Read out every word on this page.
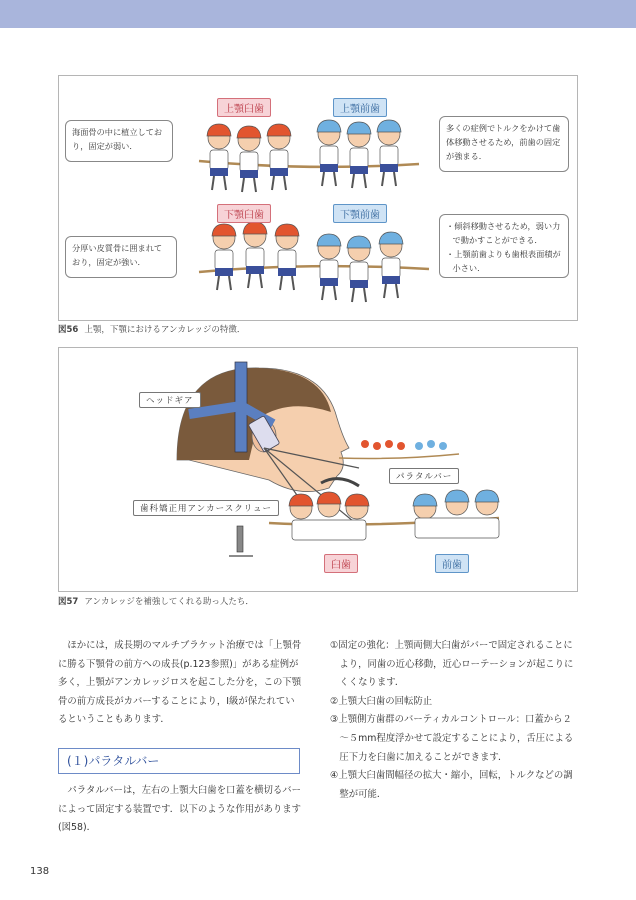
上顎臼歯	上顎前歯
下顎臼歯	下顎前歯
海面骨の中に植立しており，固定が弱い．
多くの症例でトルクをかけて歯体移動させるため，前歯の固定が強まる．
分厚い皮質骨に囲まれており，固定が強い．
・傾斜移動させるため，弱い力で動かすことができる．
・上顎前歯よりも歯根表面積が小さい．
図56 上顎，下顎におけるアンカレッジの特徴．
ヘッドギア
パラタルバー
歯科矯正用アンカースクリュー
臼歯	前歯
図57 アンカレッジを補強してくれる助っ人たち．

ほかには，成長期のマルチブラケット治療では「上顎骨に勝る下顎骨の前方への成長(p.123参照)」がある症例が多く，上顎がアンカレッジロスを起こした分を，この下顎骨の前方成長がカバーすることにより，Ⅰ級が保たれているということもあります．

(１)パラタルバー

パラタルバーは，左右の上顎大臼歯を口蓋を横切るバーによって固定する装置です．以下のような作用があります(図58)．

①固定の強化：上顎両側大臼歯がバーで固定されることにより，同歯の近心移動，近心ローテーションが起こりにくくなります．

②上顎大臼歯の回転防止

③上顎側方歯群のバーティカルコントロール：口蓋から２～５mm程度浮かせて設定することにより，舌圧による圧下力を臼歯に加えることができます．

④上顎大臼歯間幅径の拡大・縮小，回転，トルクなどの調整が可能．

138
